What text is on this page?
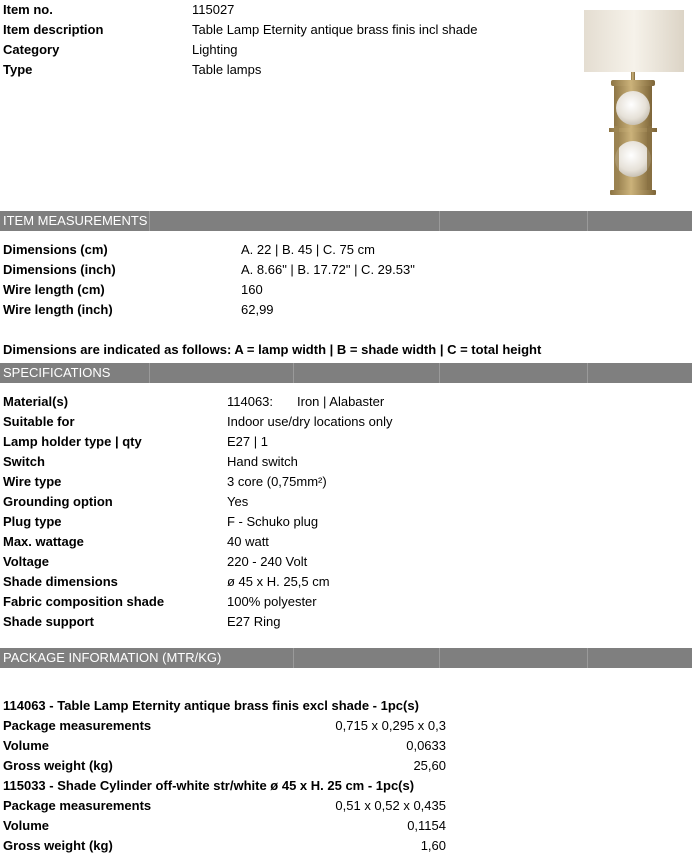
Item no.	115027
Item description	Table Lamp Eternity antique brass finis incl shade
Category	Lighting
Type	Table lamps
ITEM MEASUREMENTS
Dimensions (cm)	A. 22 | B. 45 | C. 75 cm
Dimensions (inch)	A. 8.66" | B. 17.72" | C. 29.53"
Wire length (cm)	160
Wire length (inch)	62,99
Dimensions are indicated as follows: A = lamp width | B = shade width | C = total height
SPECIFICATIONS
Material(s)	114063: Iron | Alabaster
Suitable for	Indoor use/dry locations only
Lamp holder type | qty	E27 | 1
Switch	Hand switch
Wire type	3 core (0,75mm²)
Grounding option	Yes
Plug type	F - Schuko plug
Max. wattage	40 watt
Voltage	220 - 240 Volt
Shade dimensions	ø 45 x H. 25,5 cm
Fabric composition shade	100% polyester
Shade support	E27 Ring
PACKAGE INFORMATION (MTR/KG)
114063 - Table Lamp Eternity antique brass finis excl shade - 1pc(s)
Package measurements	0,715 x 0,295 x 0,3
Volume	0,0633
Gross weight (kg)	25,60
115033 - Shade Cylinder off-white str/white ø 45 x H. 25 cm - 1pc(s)
Package measurements	0,51 x 0,52 x 0,435
Volume	0,1154
Gross weight (kg)	1,60
